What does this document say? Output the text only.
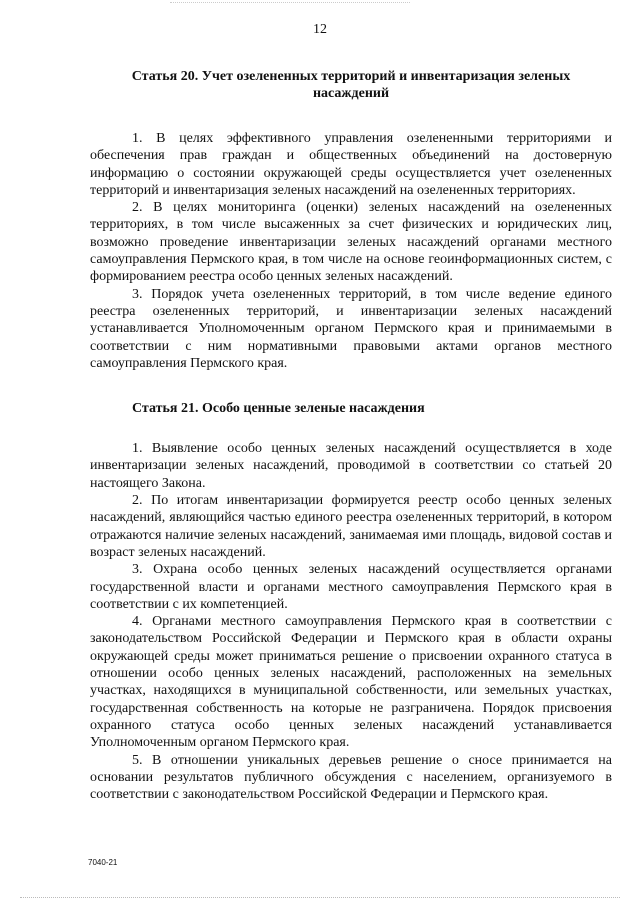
12

Статья 20. Учет озелененных территорий и инвентаризация зеленых насаждений

1. В целях эффективного управления озелененными территориями и обеспечения прав граждан и общественных объединений на достоверную информацию о состоянии окружающей среды осуществляется учет озелененных территорий и инвентаризация зеленых насаждений на озелененных территориях.

2. В целях мониторинга (оценки) зеленых насаждений на озелененных территориях, в том числе высаженных за счет физических и юридических лиц, возможно проведение инвентаризации зеленых насаждений органами местного самоуправления Пермского края, в том числе на основе геоинформационных систем, с формированием реестра особо ценных зеленых насаждений.

3. Порядок учета озелененных территорий, в том числе ведение единого реестра озелененных территорий, и инвентаризации зеленых насаждений устанавливается Уполномоченным органом Пермского края и принимаемыми в соответствии с ним нормативными правовыми актами органов местного самоуправления Пермского края.

Статья 21. Особо ценные зеленые насаждения

1. Выявление особо ценных зеленых насаждений осуществляется в ходе инвентаризации зеленых насаждений, проводимой в соответствии со статьей 20 настоящего Закона.

2. По итогам инвентаризации формируется реестр особо ценных зеленых насаждений, являющийся частью единого реестра озелененных территорий, в котором отражаются наличие зеленых насаждений, занимаемая ими площадь, видовой состав и возраст зеленых насаждений.

3. Охрана особо ценных зеленых насаждений осуществляется органами государственной власти и органами местного самоуправления Пермского края в соответствии с их компетенцией.

4. Органами местного самоуправления Пермского края в соответствии с законодательством Российской Федерации и Пермского края в области охраны окружающей среды может приниматься решение о присвоении охранного статуса в отношении особо ценных зеленых насаждений, расположенных на земельных участках, находящихся в муниципальной собственности, или земельных участках, государственная собственность на которые не разграничена. Порядок присвоения охранного статуса особо ценных зеленых насаждений устанавливается Уполномоченным органом Пермского края.

5. В отношении уникальных деревьев решение о сносе принимается на основании результатов публичного обсуждения с населением, организуемого в соответствии с законодательством Российской Федерации и Пермского края.

7040-21
